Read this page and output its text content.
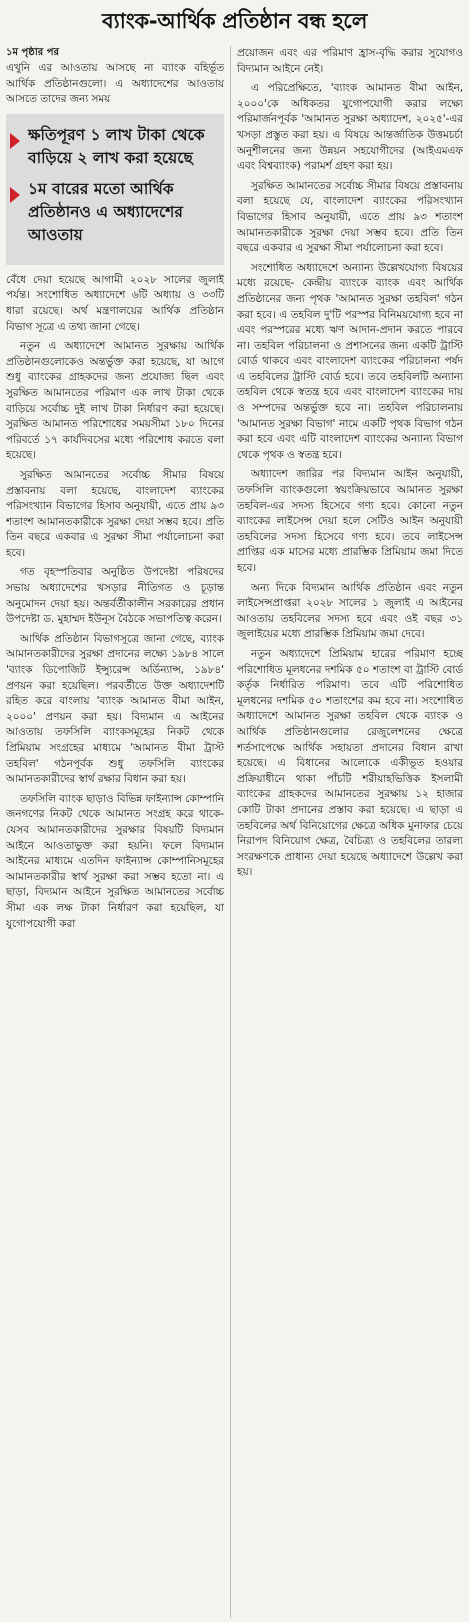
ব্যাংক-আর্থিক প্রতিষ্ঠান বন্ধ হলে
১ম পৃষ্ঠার পর

এখুনি এর আওতায় আসছে না ব্যাংক বহির্ভূত আর্থিক প্রতিষ্ঠানগুলো। এ অধ্যাদেশের আওতায় আসতে তাদের জন্য সময়

ক্ষতিপূরণ ১ লাখ টাকা থেকে বাড়িয়ে ২ লাখ করা হয়েছে
১ম বারের মতো আর্থিক প্রতিষ্ঠানও এ অধ্যাদেশের আওতায়

বেঁধে দেয়া হয়েছে আগামী ২০২৮ সালের জুলাই পর্যন্ত। সংশোধিত অধ্যাদেশে ৬টি অধ্যায় ও ৩৩টি ধারা রয়েছে। অর্থ মন্ত্রণালয়ের আর্থিক প্রতিষ্ঠান বিভাগ সূত্রে এ তথ্য জানা গেছে।

নতুন এ অধ্যাদেশে আমানত সুরক্ষায় আর্থিক প্রতিষ্ঠানগুলোকেও অন্তর্ভুক্ত করা হয়েছে, যা আগে শুধু ব্যাংকের গ্রাহকদের জন্য প্রযোজ্য ছিল এবং সুরক্ষিত আমানতের পরিমাণ এক লাখ টাকা থেকে বাড়িয়ে সর্বোচ্চ দুই লাখ টাকা নির্ধারণ করা হয়েছে। সুরক্ষিত আমানত পরিশোধের সময়সীমা ১৮০ দিনের পরিবর্তে ১৭ কার্যদিবসের মধ্যে পরিশোধ করতে বলা হয়েছে।

সুরক্ষিত আমানতের সর্বোচ্চ সীমার বিষয়ে প্রস্তাবনায় বলা হয়েছে, বাংলাদেশ ব্যাংকের পরিসংখ্যান বিভাগের হিসাব অনুযায়ী, এতে প্রায় ৯৩ শতাংশ আমানতকারীকে সুরক্ষা দেয়া সম্ভব হবে। প্রতি তিন বছরে একবার এ সুরক্ষা সীমা পর্যালোচনা করা হবে।

গত বৃহস্পতিবার অনুষ্ঠিত উপদেষ্টা পরিষদের সভায় অধ্যাদেশের খসড়ার নীতিগত ও চূড়ান্ত অনুমোদন দেয়া হয়। অন্তর্বর্তীকালীন সরকারের প্রধান উপদেষ্টা ড. মুহাম্মদ ইউনূস বৈঠকে সভাপতিত্ব করেন।

আর্থিক প্রতিষ্ঠান বিভাগসূত্রে জানা গেছে, ব্যাংক আমানতকারীদের সুরক্ষা প্রদানের লক্ষ্যে ১৯৮৪ সালে 'ব্যাংক ডিপোজিট ইন্স্যুরেন্স অর্ডিন্যান্স, ১৯৮৪' প্রণয়ন করা হয়েছিল। পরবর্তীতে উক্ত অধ্যাদেশটি রহিত করে বাংলায় 'ব্যাংক আমানত বীমা আইন, ২০০০' প্রণয়ন করা হয়। বিদ্যমান এ আইনের আওতায় তফসিলি ব্যাংকসমূহের নিকট থেকে প্রিমিয়াম সংগ্রহের মাধ্যমে 'আমানত বীমা ট্রাস্ট তহবিল' গঠনপূর্বক শুধু তফসিলি ব্যাংকের আমানতকারীদের স্বার্থ রক্ষার বিধান করা হয়।

তফসিলি ব্যাংক ছাড়াও বিভিন্ন ফাইন্যান্স কোম্পানি জনগণের নিকট থেকে আমানত সংগ্রহ করে থাকে- যেসব আমানতকারীদের সুরক্ষার বিষয়টি বিদ্যমান আইনে আওতাভুক্ত করা হয়নি। ফলে বিদ্যমান আইনের মাধ্যমে এতদিন ফাইন্যান্স কোম্পানিসমূহের আমানতকারীর স্বার্থ সুরক্ষা করা সম্ভব হতো না। এ ছাড়া, বিদ্যমান আইনে সুরক্ষিত আমানতের সর্বোচ্চ সীমা এক লক্ষ টাকা নির্ধারণ করা হয়েছিল, যা যুগোপযোগী করা

প্রয়োজন এবং এর পরিমাণ হ্রাস-বৃদ্ধি করার সুযোগও বিদ্যমান আইনে নেই।

এ পরিপ্রেক্ষিতে, 'ব্যাংক আমানত বীমা আইন, ২০০০'কে অধিকতর যুগোপযোগী করার লক্ষ্যে পরিমার্জনপূর্বক 'আমানত সুরক্ষা অধ্যাদেশ, ২০২৫'-এর খসড়া প্রস্তুত করা হয়। এ বিষয়ে আন্তর্জাতিক উত্তমচর্চা অনুশীলনের জন্য উন্নয়ন সহযোগীদের (আইএমএফ এবং বিশ্বব্যাংক) পরামর্শ গ্রহণ করা হয়।

সুরক্ষিত আমানতের সর্বোচ্চ সীমার বিষয়ে প্রস্তাবনায় বলা হয়েছে যে, বাংলাদেশ ব্যাংকের পরিসংখ্যান বিভাগের হিসাব অনুযায়ী, এতে প্রায় ৯৩ শতাংশ আমানতকারীকে সুরক্ষা দেয়া সম্ভব হবে। প্রতি তিন বছরে একবার এ সুরক্ষা সীমা পর্যালোচনা করা হবে।

সংশোধিত অধ্যাদেশে অন্যান্য উল্লেখযোগ্য বিষয়ের মধ্যে রয়েছে- কেন্দ্রীয় ব্যাংকে ব্যাংক এবং আর্থিক প্রতিষ্ঠানের জন্য পৃথক 'আমানত সুরক্ষা তহবিল' গঠন করা হবে। এ তহবিল দু'টি পরস্পর বিনিময়যোগ্য হবে না এবং পরস্পরের মধ্যে ঋণ আদান-প্রদান করতে পারবে না। তহবিল পরিচালনা ও প্রশাসনের জন্য একটি ট্রাস্টি বোর্ড থাকবে এবং বাংলাদেশ ব্যাংকের পরিচালনা পর্ষদ এ তহবিলের ট্রাস্টি বোর্ড হবে। তবে তহবিলটি অন্যান্য তহবিল থেকে স্বতন্ত্র হবে এবং বাংলাদেশ ব্যাংকের দায় ও সম্পদের অন্তর্ভুক্ত হবে না। তহবিল পরিচালনায় 'আমানত সুরক্ষা বিভাগ' নামে একটি পৃথক বিভাগ গঠন করা হবে এবং এটি বাংলাদেশ ব্যাংকের অন্যান্য বিভাগ থেকে পৃথক ও স্বতন্ত্র হবে।

অধ্যাদেশ জারির পর বিদ্যমান আইন অনুযায়ী, তফসিলি ব্যাংকগুলো স্বয়ংক্রিয়ভাবে আমানত সুরক্ষা তহবিল-এর সদস্য হিসেবে গণ্য হবে। কোনো নতুন ব্যাংকের লাইসেন্স দেয়া হলে সেটিও আইন অনুযায়ী তহবিলের সদস্য হিসেবে গণ্য হবে। তবে লাইসেন্স প্রাপ্তির এক মাসের মধ্যে প্রারম্ভিক প্রিমিয়াম জমা দিতে হবে।

অন্য দিকে বিদ্যমান আর্থিক প্রতিষ্ঠান এবং নতুন লাইসেন্সপ্রাপ্তরা ২০২৮ সালের ১ জুলাই এ আইনের আওতায় তহবিলের সদস্য হবে এবং ওই বছর ৩১ জুলাইয়ের মধ্যে প্রারম্ভিক প্রিমিয়াম জমা দেবে।

নতুন অধ্যাদেশে প্রিমিয়াম হারের পরিমাণ হচ্ছে পরিশোধিত মূলধনের দশমিক ৫০ শতাংশ বা ট্রাস্টি বোর্ড কর্তৃক নির্ধারিত পরিমাণ। তবে এটি পরিশোধিত মূলধনের দশমিক ৫০ শতাংশের কম হবে না। সংশোধিত অধ্যাদেশে আমানত সুরক্ষা তহবিল থেকে ব্যাংক ও আর্থিক প্রতিষ্ঠানগুলোর রেজুলেশনের ক্ষেত্রে শর্তসাপেক্ষে আর্থিক সহায়তা প্রদানের বিধান রাখা হয়েছে। এ বিধানের আলোকে একীভূত হওয়ার প্রক্রিয়াধীনে থাকা পাঁচটি শরীয়াহভিত্তিক ইসলামী ব্যাংকের গ্রাহকদের আমানতের সুরক্ষায় ১২ হাজার কোটি টাকা প্রদানের প্রস্তাব করা হয়েছে। এ ছাড়া এ তহবিলের অর্থ বিনিয়োগের ক্ষেত্রে অধিক মুনাফার চেয়ে নিরাপদ বিনিয়োগ ক্ষেত্র, বৈচিত্র্য ও তহবিলের তারল্য সংরক্ষণকে প্রাধান্য দেয়া হয়েছে অধ্যাদেশে উল্লেখ করা হয়।
